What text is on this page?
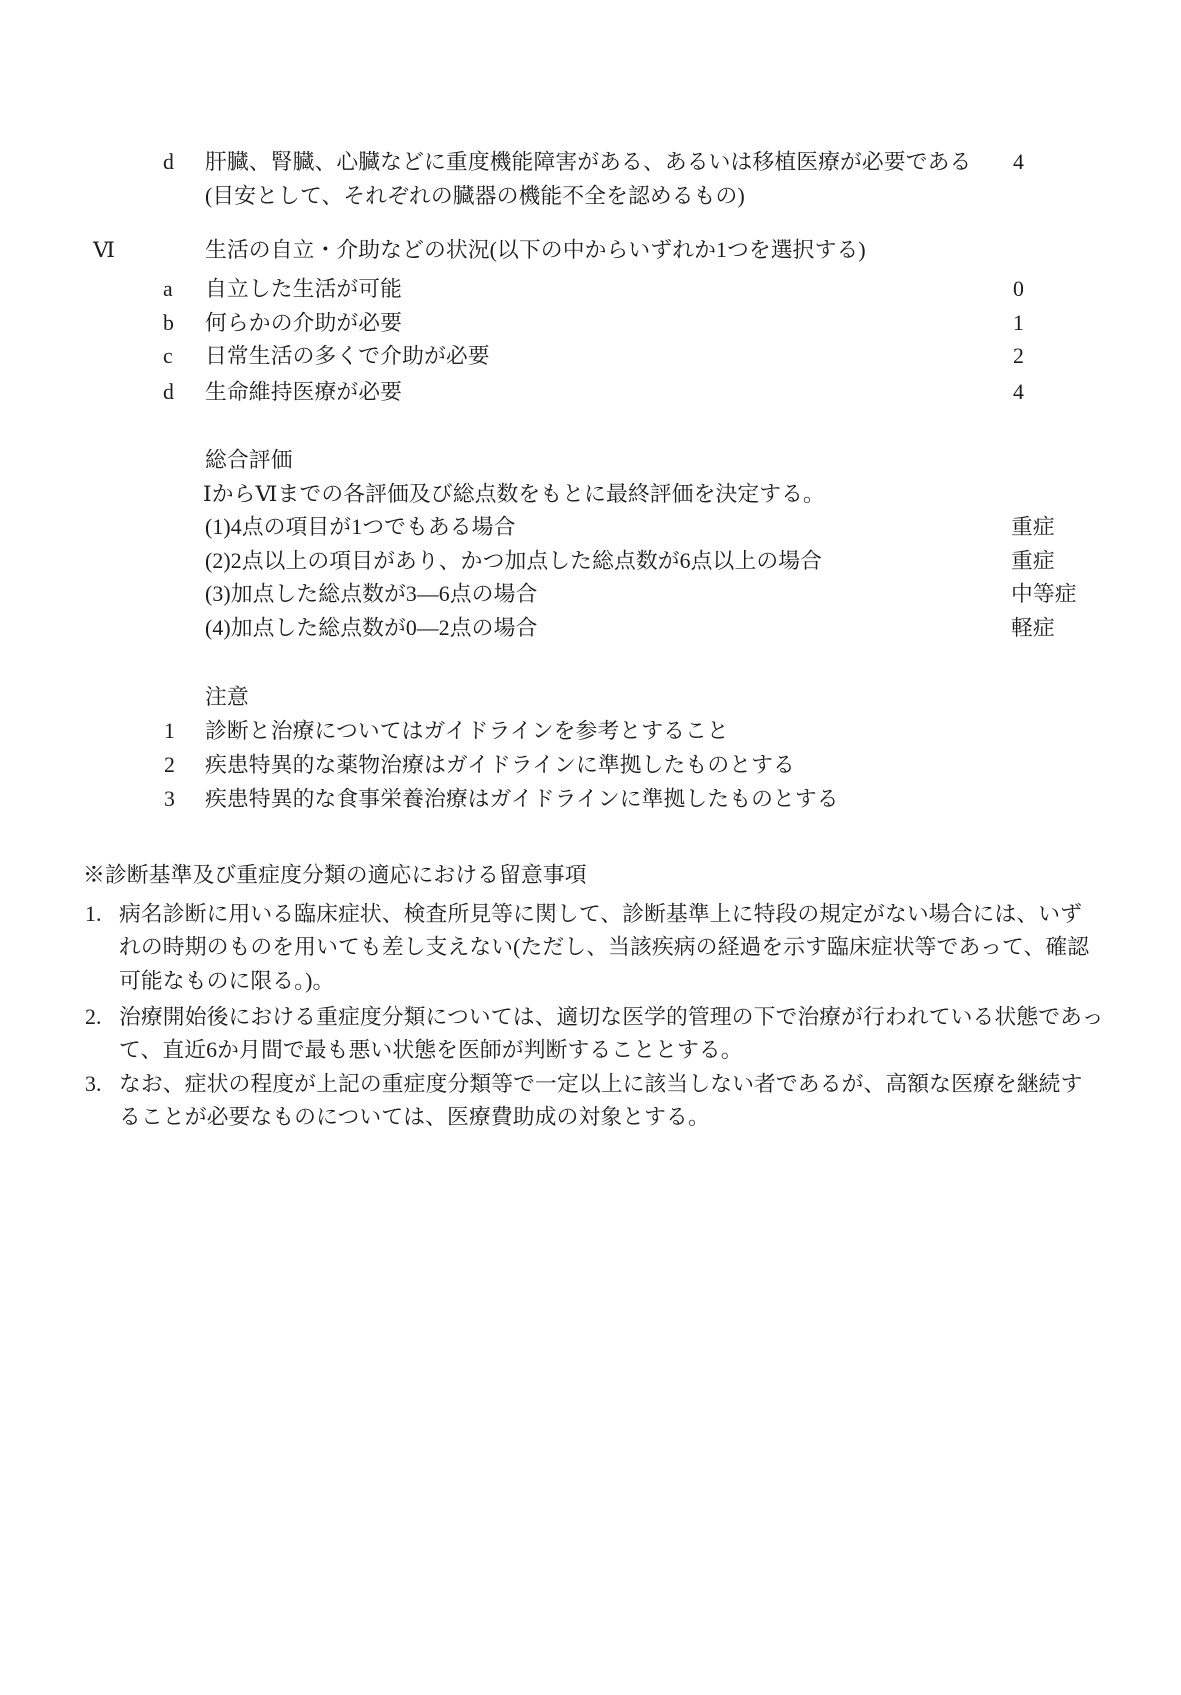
d 肝臓、腎臓、心臓などに重度機能障害がある、あるいは移植医療が必要である 4
(目安として、それぞれの臓器の機能不全を認めるもの)
Ⅵ	生活の自立・介助などの状況(以下の中からいずれか1つを選択する)
a 自立した生活が可能	0
b 何らかの介助が必要	1
c 日常生活の多くで介助が必要	2
d 生命維持医療が必要	4
総合評価
ⅠからⅥまでの各評価及び総点数をもとに最終評価を決定する。
(1)4点の項目が1つでもある場合	重症
(2)2点以上の項目があり、かつ加点した総点数が6点以上の場合	重症
(3)加点した総点数が3—6点の場合	中等症
(4)加点した総点数が0—2点の場合	軽症
注意
1 診断と治療についてはガイドラインを参考とすること
2 疾患特異的な薬物治療はガイドラインに準拠したものとする
3 疾患特異的な食事栄養治療はガイドラインに準拠したものとする
※診断基準及び重症度分類の適応における留意事項
1. 病名診断に用いる臨床症状、検査所見等に関して、診断基準上に特段の規定がない場合には、いず
れの時期のものを用いても差し支えない(ただし、当該疾病の経過を示す臨床症状等であって、確認
可能なものに限る。)。
2. 治療開始後における重症度分類については、適切な医学的管理の下で治療が行われている状態であっ
て、直近6か月間で最も悪い状態を医師が判断することとする。
3. なお、症状の程度が上記の重症度分類等で一定以上に該当しない者であるが、高額な医療を継続す
ることが必要なものについては、医療費助成の対象とする。
